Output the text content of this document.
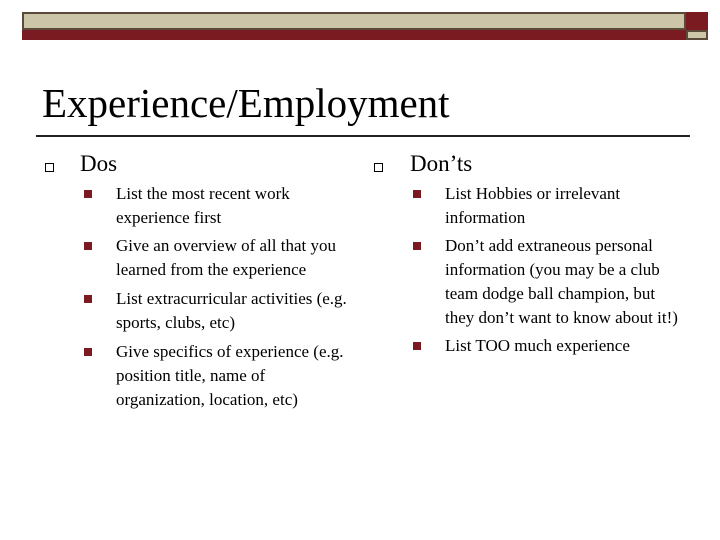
Experience/Employment
Dos
List the most recent work experience first
Give an overview of all that you learned from the experience
List extracurricular activities (e.g. sports, clubs, etc)
Give specifics of experience (e.g. position title, name of organization, location, etc)
Don’ts
List Hobbies or irrelevant information
Don’t add extraneous personal information (you may be a club team dodge ball champion, but they don’t want to know about it!)
List TOO much experience
